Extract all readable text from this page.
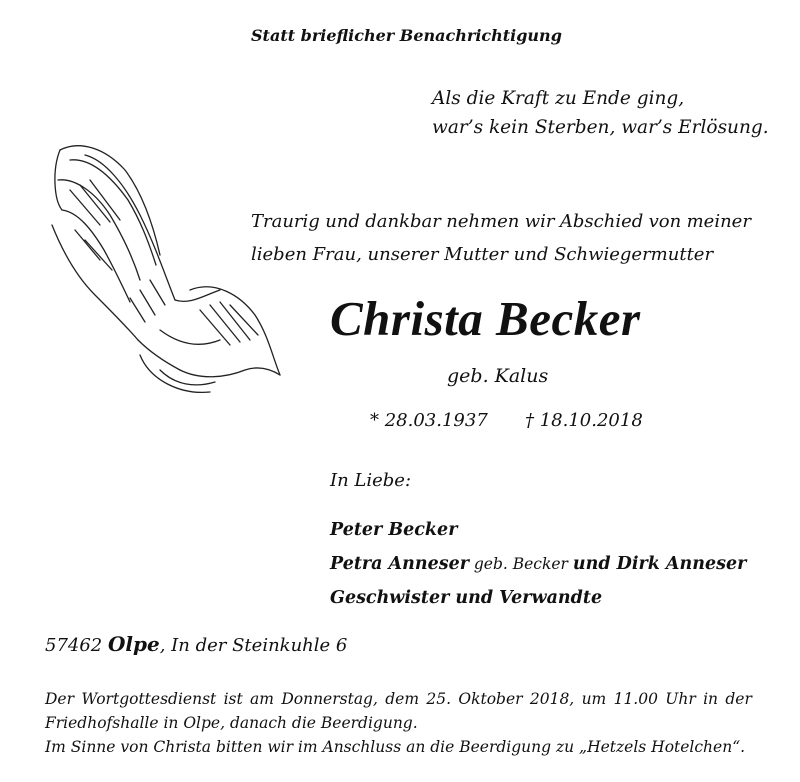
Statt brieflicher Benachrichtigung
Als die Kraft zu Ende ging,
war’s kein Sterben, war’s Erlösung.
Traurig und dankbar nehmen wir Abschied von meiner
lieben Frau, unserer Mutter und Schwiegermutter
Christa Becker
geb. Kalus
* 28.03.1937 † 18.10.2018
In Liebe:
Peter Becker
Petra Anneser geb. Becker und Dirk Anneser
Geschwister und Verwandte
57462 Olpe, In der Steinkuhle 6
Der Wortgottesdienst ist am Donnerstag, dem 25. Oktober 2018, um 11.00 Uhr in der
Friedhofshalle in Olpe, danach die Beerdigung.
Im Sinne von Christa bitten wir im Anschluss an die Beerdigung zu „Hetzels Hotelchen“.
